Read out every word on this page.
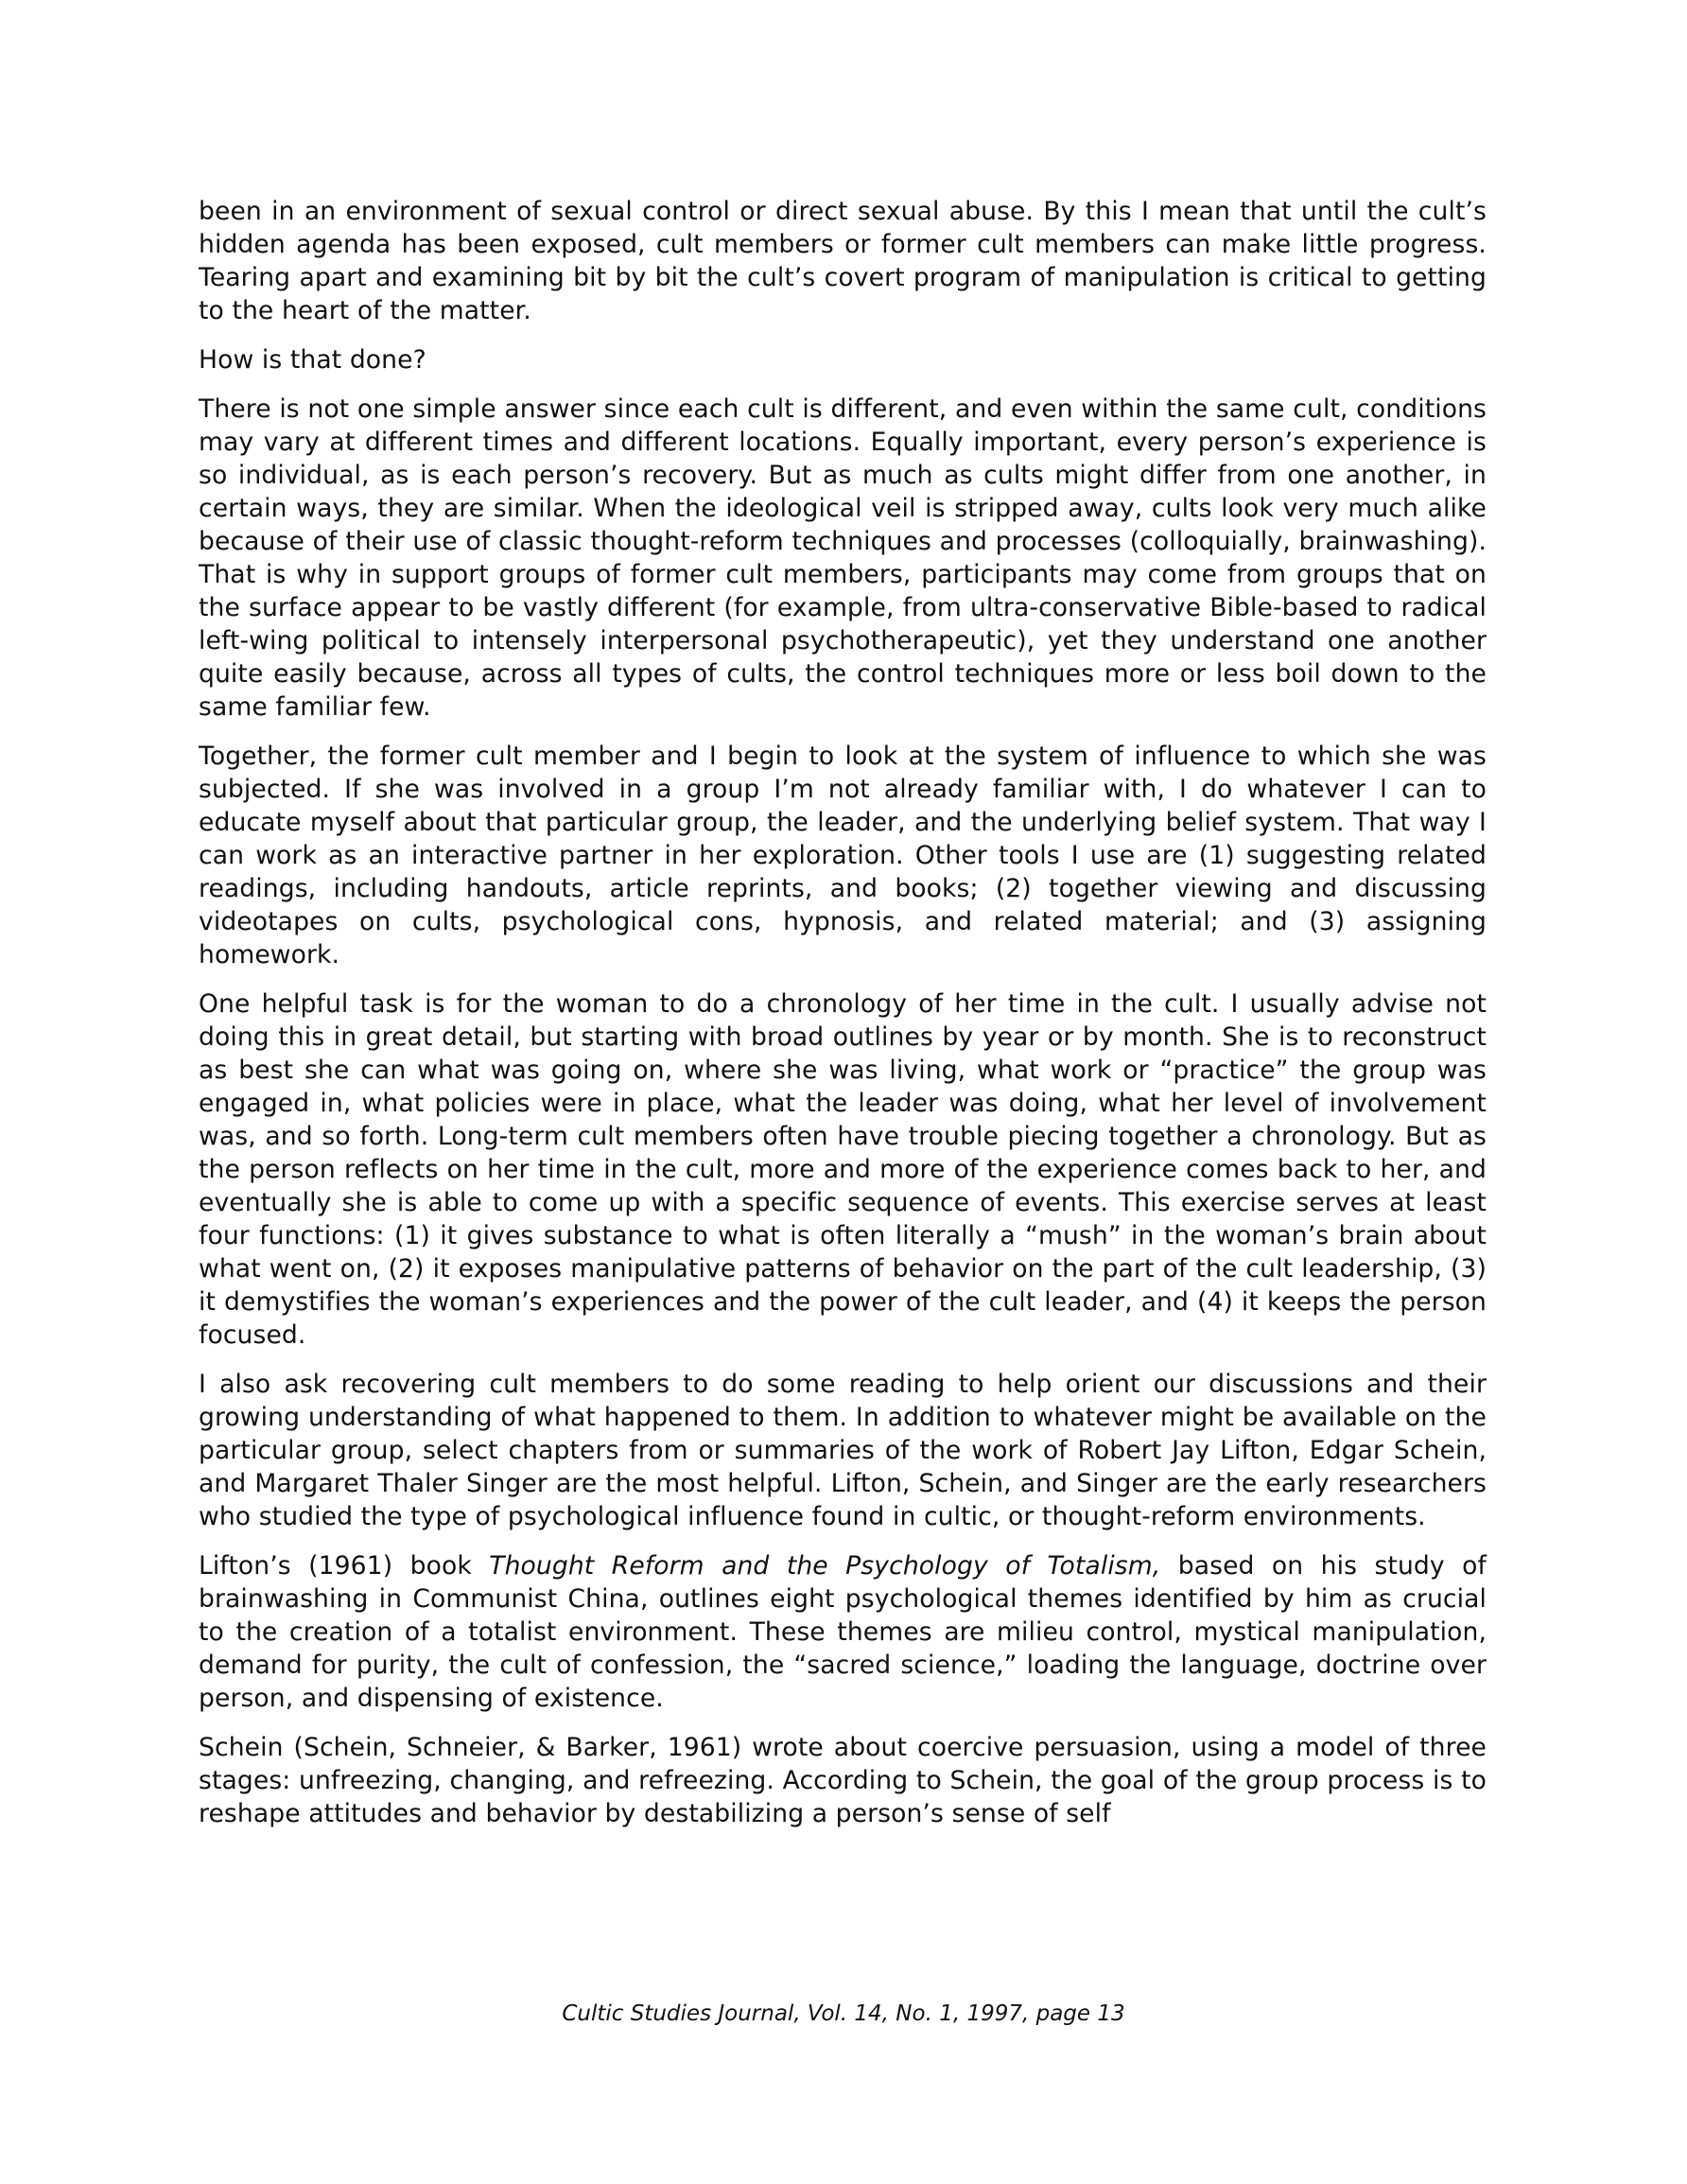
been in an environment of sexual control or direct sexual abuse. By this I mean that until the cult’s hidden agenda has been exposed, cult members or former cult members can make little progress. Tearing apart and examining bit by bit the cult’s covert program of manipulation is critical to getting to the heart of the matter.

How is that done?

There is not one simple answer since each cult is different, and even within the same cult, conditions may vary at different times and different locations. Equally important, every person’s experience is so individual, as is each person’s recovery. But as much as cults might differ from one another, in certain ways, they are similar. When the ideological veil is stripped away, cults look very much alike because of their use of classic thought-reform techniques and processes (colloquially, brainwashing). That is why in support groups of former cult members, participants may come from groups that on the surface appear to be vastly different (for example, from ultra-conservative Bible-based to radical left-wing political to intensely interpersonal psychotherapeutic), yet they understand one another quite easily because, across all types of cults, the control techniques more or less boil down to the same familiar few.

Together, the former cult member and I begin to look at the system of influence to which she was subjected. If she was involved in a group I’m not already familiar with, I do whatever I can to educate myself about that particular group, the leader, and the underlying belief system. That way I can work as an interactive partner in her exploration. Other tools I use are (1) suggesting related readings, including handouts, article reprints, and books; (2) together viewing and discussing videotapes on cults, psychological cons, hypnosis, and related material; and (3) assigning homework.

One helpful task is for the woman to do a chronology of her time in the cult. I usually advise not doing this in great detail, but starting with broad outlines by year or by month. She is to reconstruct as best she can what was going on, where she was living, what work or “practice” the group was engaged in, what policies were in place, what the leader was doing, what her level of involvement was, and so forth. Long-term cult members often have trouble piecing together a chronology. But as the person reflects on her time in the cult, more and more of the experience comes back to her, and eventually she is able to come up with a specific sequence of events. This exercise serves at least four functions: (1) it gives substance to what is often literally a “mush” in the woman’s brain about what went on, (2) it exposes manipulative patterns of behavior on the part of the cult leadership, (3) it demystifies the woman’s experiences and the power of the cult leader, and (4) it keeps the person focused.

I also ask recovering cult members to do some reading to help orient our discussions and their growing understanding of what happened to them. In addition to whatever might be available on the particular group, select chapters from or summaries of the work of Robert Jay Lifton, Edgar Schein, and Margaret Thaler Singer are the most helpful. Lifton, Schein, and Singer are the early researchers who studied the type of psychological influence found in cultic, or thought-reform environments.

Lifton’s (1961) book Thought Reform and the Psychology of Totalism, based on his study of brainwashing in Communist China, outlines eight psychological themes identified by him as crucial to the creation of a totalist environment. These themes are milieu control, mystical manipulation, demand for purity, the cult of confession, the “sacred science,” loading the language, doctrine over person, and dispensing of existence.

Schein (Schein, Schneier, & Barker, 1961) wrote about coercive persuasion, using a model of three stages: unfreezing, changing, and refreezing. According to Schein, the goal of the group process is to reshape attitudes and behavior by destabilizing a person’s sense of self

Cultic Studies Journal, Vol. 14, No. 1, 1997, page 13
